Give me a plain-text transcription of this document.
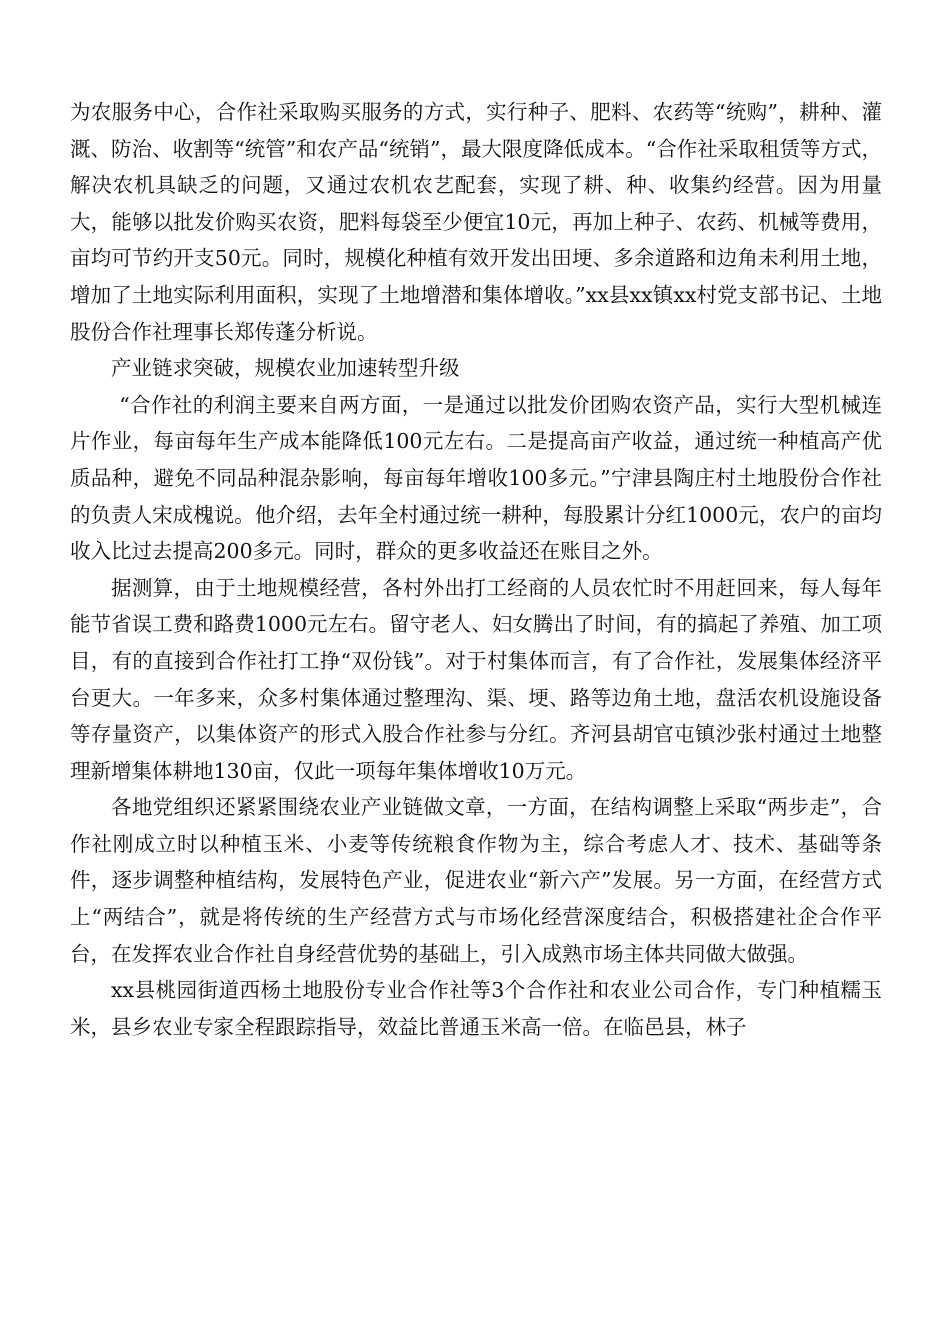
为农服务中心，合作社采取购买服务的方式，实行种子、肥料、农药等“统购”，耕种、灌溉、防治、收割等“统管”和农产品“统销”，最大限度降低成本。“合作社采取租赁等方式，解决农机具缺乏的问题，又通过农机农艺配套，实现了耕、种、收集约经营。因为用量大，能够以批发价购买农资，肥料每袋至少便宜10元，再加上种子、农药、机械等费用，亩均可节约开支50元。同时，规模化种植有效开发出田埂、多余道路和边角未利用土地，增加了土地实际利用面积，实现了土地增潜和集体增收。”xx县xx镇xx村党支部书记、土地股份合作社理事长郑传蓬分析说。

产业链求突破，规模农业加速转型升级

“合作社的利润主要来自两方面，一是通过以批发价团购农资产品，实行大型机械连片作业，每亩每年生产成本能降低100元左右。二是提高亩产收益，通过统一种植高产优质品种，避免不同品种混杂影响，每亩每年增收100多元。”宁津县陶庄村土地股份合作社的负责人宋成槐说。他介绍，去年全村通过统一耕种，每股累计分红1000元，农户的亩均收入比过去提高200多元。同时，群众的更多收益还在账目之外。

据测算，由于土地规模经营，各村外出打工经商的人员农忙时不用赶回来，每人每年能节省误工费和路费1000元左右。留守老人、妇女腾出了时间，有的搞起了养殖、加工项目，有的直接到合作社打工挣“双份钱”。对于村集体而言，有了合作社，发展集体经济平台更大。一年多来，众多村集体通过整理沟、渠、埂、路等边角土地，盘活农机设施设备等存量资产，以集体资产的形式入股合作社参与分红。齐河县胡官屯镇沙张村通过土地整理新增集体耕地130亩，仅此一项每年集体增收10万元。

各地党组织还紧紧围绕农业产业链做文章，一方面，在结构调整上采取“两步走”，合作社刚成立时以种植玉米、小麦等传统粮食作物为主，综合考虑人才、技术、基础等条件，逐步调整种植结构，发展特色产业，促进农业“新六产”发展。另一方面，在经营方式上“两结合”，就是将传统的生产经营方式与市场化经营深度结合，积极搭建社企合作平台，在发挥农业合作社自身经营优势的基础上，引入成熟市场主体共同做大做强。

xx县桃园街道西杨土地股份专业合作社等3个合作社和农业公司合作，专门种植糯玉米，县乡农业专家全程跟踪指导，效益比普通玉米高一倍。在临邑县，林子
